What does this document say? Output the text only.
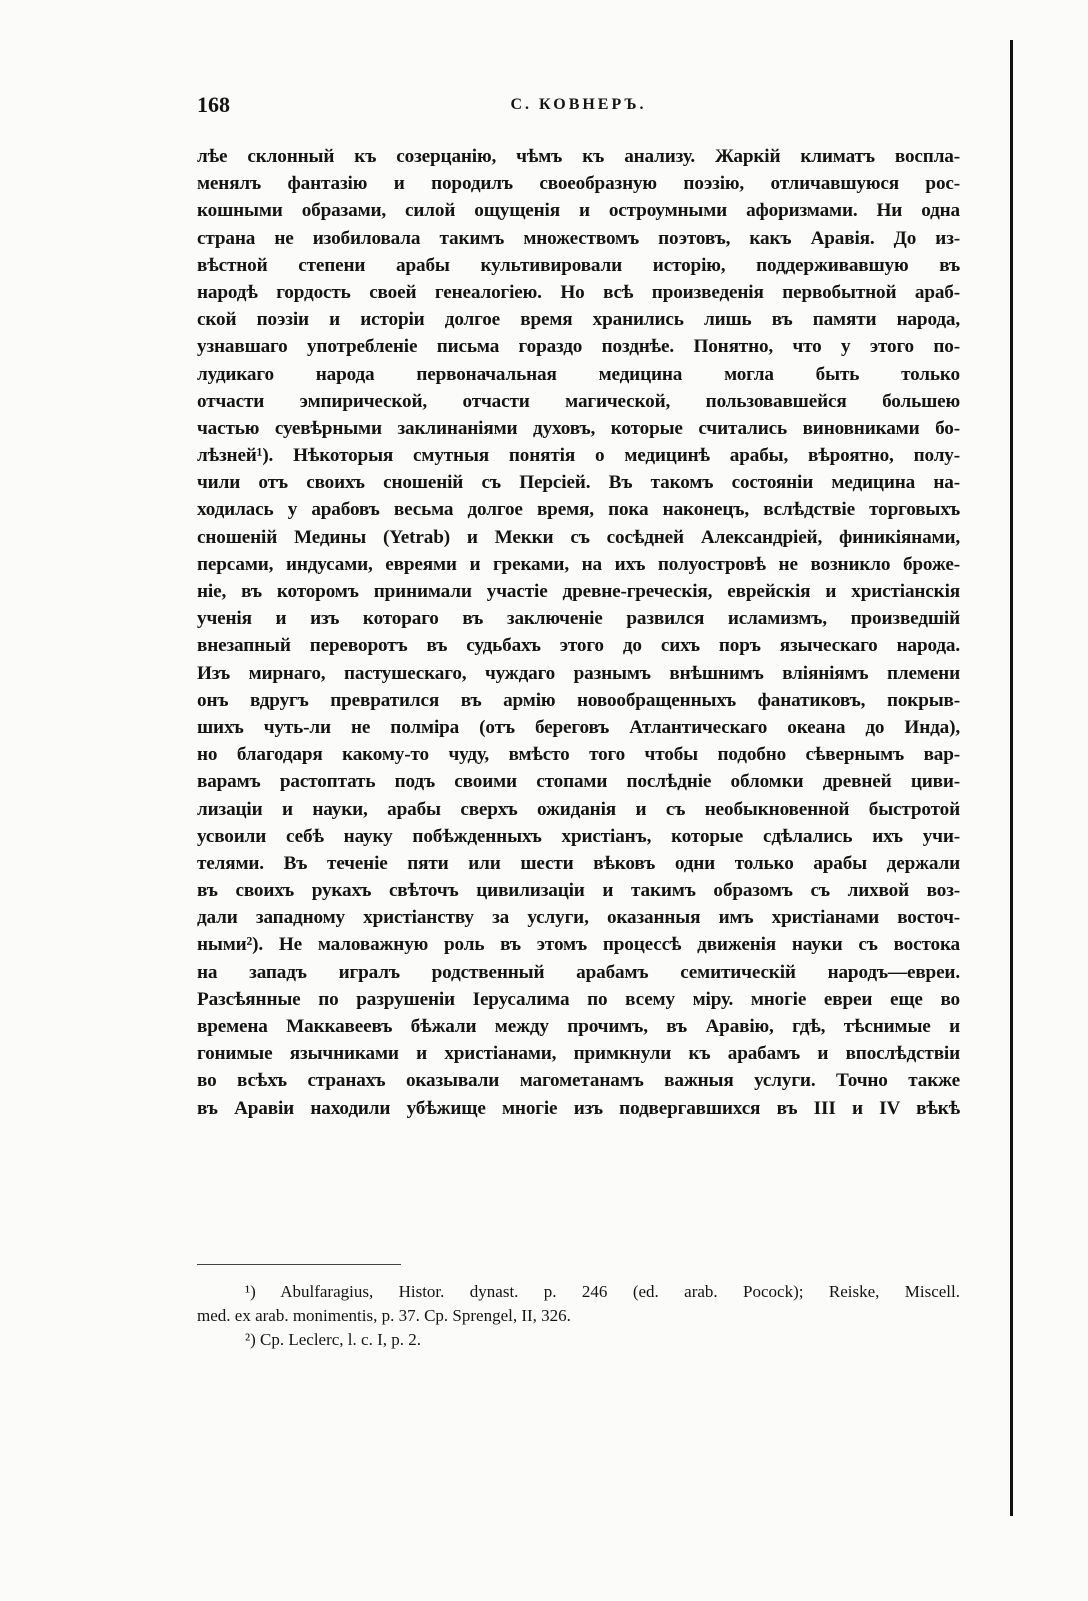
168	С. КОВНЕРЪ.
лѣе склонный къ созерцанію, чѣмъ къ анализу. Жаркій климатъ воспла-
менялъ фантазію и породилъ своеобразную поэзію, отличавшуюся рос-
кошными образами, силой ощущенія и остроумными афоризмами. Ни одна
страна не изобиловала такимъ множествомъ поэтовъ, какъ Аравія. До из-
вѣстной степени арабы культивировали исторію, поддерживавшую въ
народѣ гордость своей генеалогіею. Но всѣ произведенія первобытной араб-
ской поэзіи и исторіи долгое время хранились лишь въ памяти народа,
узнавшаго употребленіе письма гораздо позднѣе. Понятно, что у этого по-
лудикаго народа первоначальная медицина могла быть только
отчасти эмпирической, отчасти магической, пользовавшейся большею
частью суевѣрными заклинаніями духовъ, которые считались виновниками бо-
лѣзней¹). Нѣкоторыя смутныя понятія о медицинѣ арабы, вѣроятно, полу-
чили отъ своихъ сношеній съ Персіей. Въ такомъ состояніи медицина на-
ходилась у арабовъ весьма долгое время, пока наконецъ, вслѣдствіе торговыхъ
сношеній Медины (Yetrab) и Мекки съ сосѣдней Александріей, финикіянами,
персами, индусами, евреями и греками, на ихъ полуостровѣ не возникло броже-
ніе, въ которомъ принимали участіе древне-греческія, еврейскія и христіанскія
ученія и изъ котораго въ заключеніе развился исламизмъ, произведшій
внезапный переворотъ въ судьбахъ этого до сихъ поръ языческаго народа.
Изъ мирнаго, пастушескаго, чуждаго разнымъ внѣшнимъ вліяніямъ племени
онъ вдругъ превратился въ армію новообращенныхъ фанатиковъ, покрыв-
шихъ чуть-ли не полміра (отъ береговъ Атлантическаго океана до Инда),
но благодаря какому-то чуду, вмѣсто того чтобы подобно сѣвернымъ вар-
варамъ растоптать подъ своими стопами послѣдніе обломки древней циви-
лизаціи и науки, арабы сверхъ ожиданія и съ необыкновенной быстротой
усвоили себѣ науку побѣжденныхъ христіанъ, которые сдѣлались ихъ учи-
телями. Въ теченіе пяти или шести вѣковъ одни только арабы держали
въ своихъ рукахъ свѣточъ цивилизаціи и такимъ образомъ съ лихвой воз-
дали западному христіанству за услуги, оказанныя имъ христіанами восточ-
ными²). Не маловажную роль въ этомъ процессѣ движенія науки съ востока
на западъ игралъ родственный арабамъ семитическій народъ—евреи.
Разсѣянные по разрушеніи Іерусалима по всему міру. многіе евреи еще во
времена Маккавеевъ бѣжали между прочимъ, въ Аравію, гдѣ, тѣснимые и
гонимые язычниками и христіанами, примкнули къ арабамъ и впослѣдствіи
во всѣхъ странахъ оказывали магометанамъ важныя услуги. Точно также
въ Аравіи находили убѣжище многіе изъ подвергавшихся въ III и IV вѣкѣ
¹) Abulfaragius, Histor. dynast. p. 246 (ed. arab. Pocock); Reiske, Miscell.
med. ex arab. monimentis, p. 37. Cp. Sprengel, II, 326.
²) Cp. Leclerc, l. c. I, p. 2.
